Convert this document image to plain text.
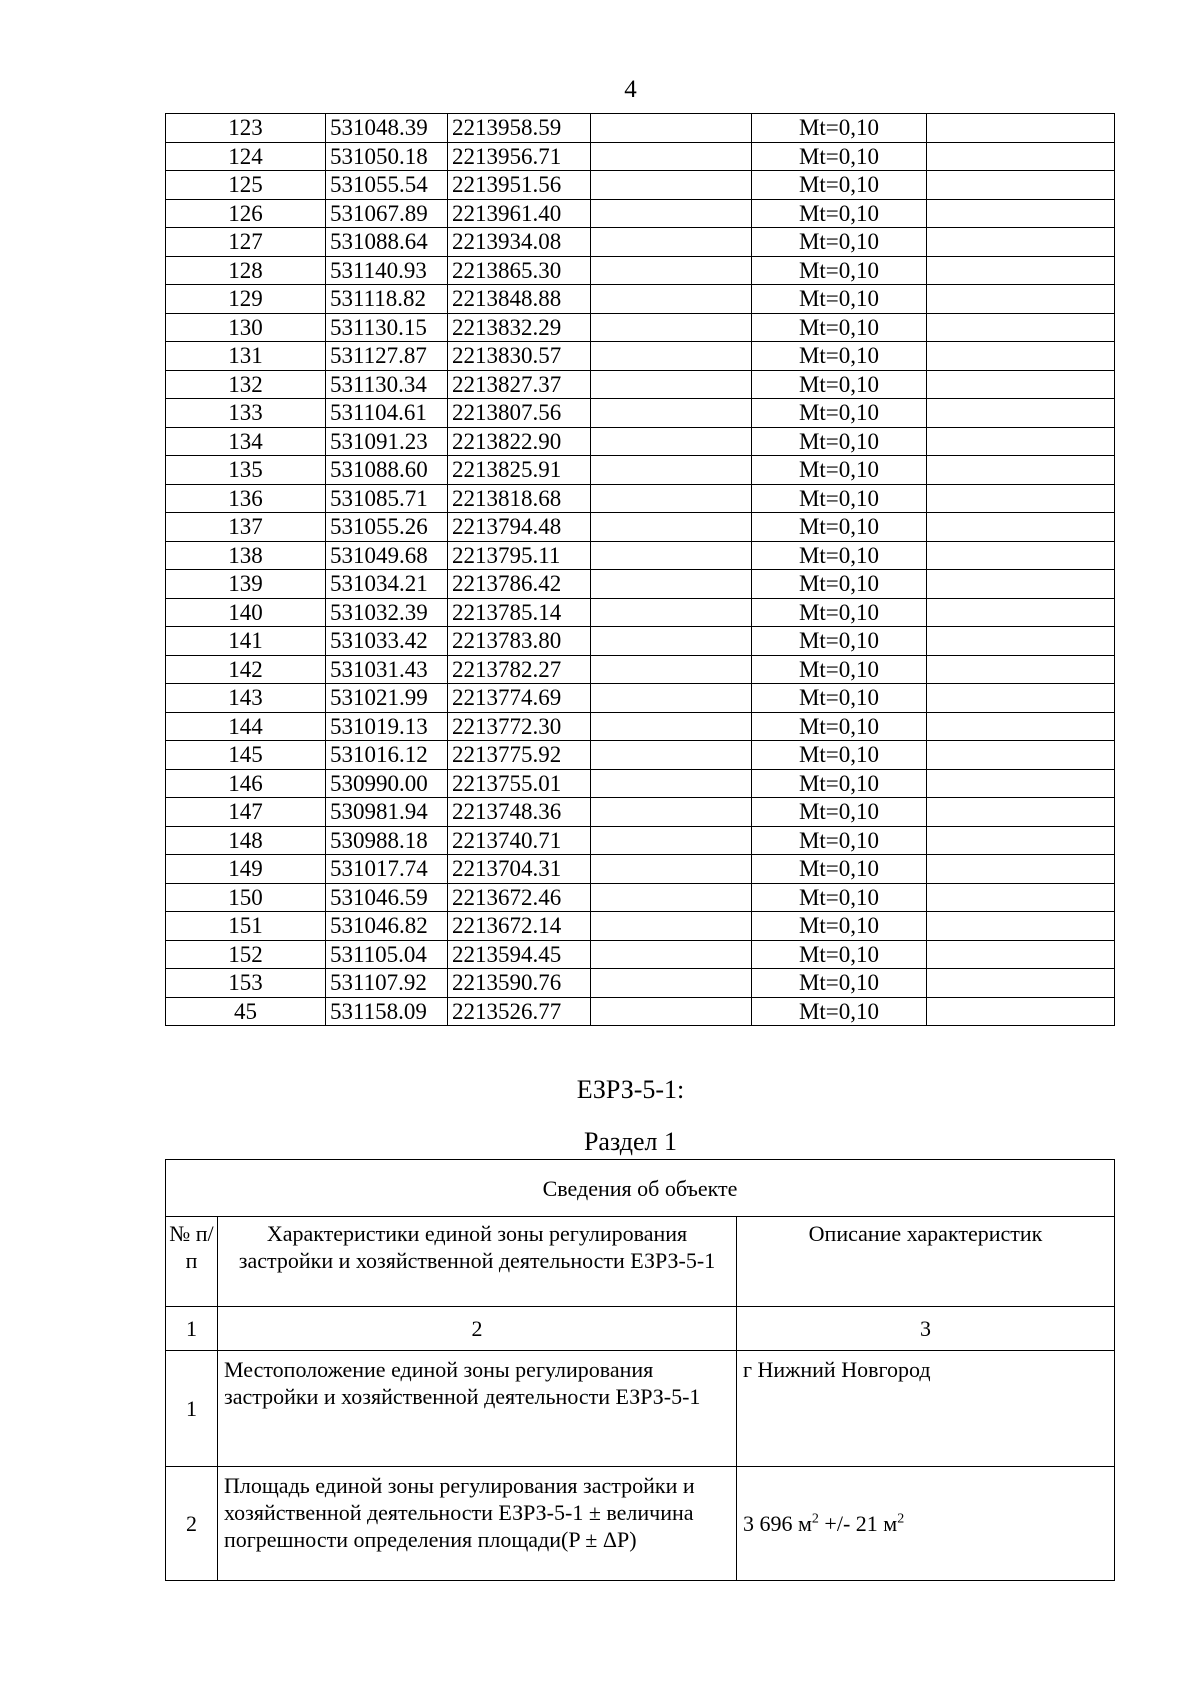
4
123	531048.39	2213958.59		Mt=0,10	
124	531050.18	2213956.71		Mt=0,10	
125	531055.54	2213951.56		Mt=0,10	
126	531067.89	2213961.40		Mt=0,10	
127	531088.64	2213934.08		Mt=0,10	
128	531140.93	2213865.30		Mt=0,10	
129	531118.82	2213848.88		Mt=0,10	
130	531130.15	2213832.29		Mt=0,10	
131	531127.87	2213830.57		Mt=0,10	
132	531130.34	2213827.37		Mt=0,10	
133	531104.61	2213807.56		Mt=0,10	
134	531091.23	2213822.90		Mt=0,10	
135	531088.60	2213825.91		Mt=0,10	
136	531085.71	2213818.68		Mt=0,10	
137	531055.26	2213794.48		Mt=0,10	
138	531049.68	2213795.11		Mt=0,10	
139	531034.21	2213786.42		Mt=0,10	
140	531032.39	2213785.14		Mt=0,10	
141	531033.42	2213783.80		Mt=0,10	
142	531031.43	2213782.27		Mt=0,10	
143	531021.99	2213774.69		Mt=0,10	
144	531019.13	2213772.30		Mt=0,10	
145	531016.12	2213775.92		Mt=0,10	
146	530990.00	2213755.01		Mt=0,10	
147	530981.94	2213748.36		Mt=0,10	
148	530988.18	2213740.71		Mt=0,10	
149	531017.74	2213704.31		Mt=0,10	
150	531046.59	2213672.46		Mt=0,10	
151	531046.82	2213672.14		Mt=0,10	
152	531105.04	2213594.45		Mt=0,10	
153	531107.92	2213590.76		Mt=0,10	
45	531158.09	2213526.77		Mt=0,10	
ЕЗРЗ-5-1:
Раздел 1
Сведения об объекте		
№ п/п	Характеристики единой зоны регулирования застройки и хозяйственной деятельности ЕЗРЗ-5-1	Описание характеристик
1	2	3
1	Местоположение единой зоны регулирования застройки и хозяйственной деятельности ЕЗРЗ-5-1	г Нижний Новгород
2	Площадь единой зоны регулирования застройки и хозяйственной деятельности ЕЗРЗ-5-1 ± величина погрешности определения площади(P ± ΔP)	3 696 $м^2$ +/- 21 $м^2$
